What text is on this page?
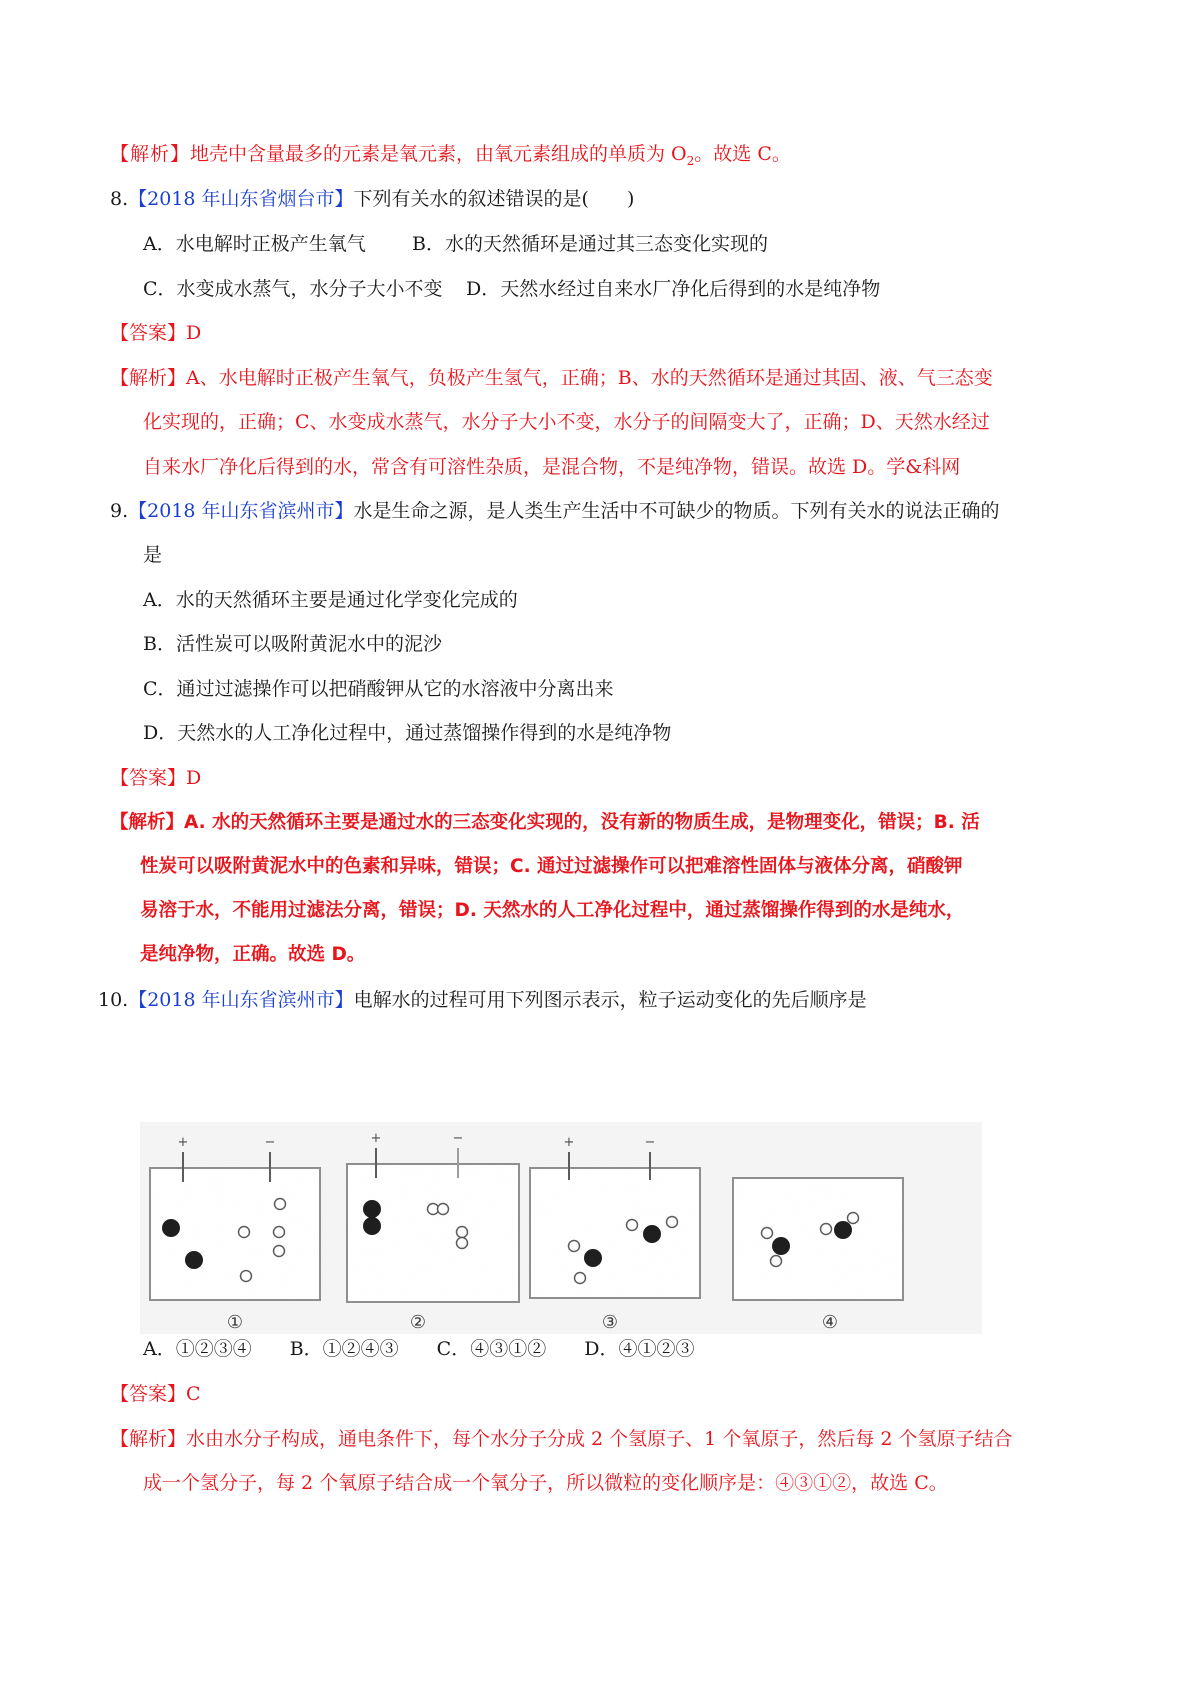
【解析】地壳中含量最多的元素是氧元素，由氧元素组成的单质为 $O_2$。故选 C。
8.【2018 年山东省烟台市】下列有关水的叙述错误的是(　　)
A．水电解时正极产生氧气 B．水的天然循环是通过其三态变化实现的
C．水变成水蒸气，水分子大小不变 D．天然水经过自来水厂净化后得到的水是纯净物
【答案】D
【解析】A、水电解时正极产生氧气，负极产生氢气，正确；B、水的天然循环是通过其固、液、气三态变
化实现的，正确；C、水变成水蒸气，水分子大小不变，水分子的间隔变大了，正确；D、天然水经过
自来水厂净化后得到的水，常含有可溶性杂质，是混合物，不是纯净物，错误。故选 D。学&科网
9.【2018 年山东省滨州市】水是生命之源，是人类生产生活中不可缺少的物质。下列有关水的说法正确的
是
A．水的天然循环主要是通过化学变化完成的
B．活性炭可以吸附黄泥水中的泥沙
C．通过过滤操作可以把硝酸钾从它的水溶液中分离出来
D．天然水的人工净化过程中，通过蒸馏操作得到的水是纯净物
【答案】D
【解析】A. 水的天然循环主要是通过水的三态变化实现的，没有新的物质生成，是物理变化，错误；B. 活
性炭可以吸附黄泥水中的色素和异味，错误；C. 通过过滤操作可以把难溶性固体与液体分离，硝酸钾
易溶于水，不能用过滤法分离，错误；D. 天然水的人工净化过程中，通过蒸馏操作得到的水是纯水，
是纯净物，正确。故选 D。
10.【2018 年山东省滨州市】电解水的过程可用下列图示表示，粒子运动变化的先后顺序是
+	−
①
+	−
②
+	−
③	④
A．①②③④　　B．①②④③　　C．④③①②　　D．④①②③
【答案】C
【解析】水由水分子构成，通电条件下，每个水分子分成 2 个氢原子、1 个氧原子，然后每 2 个氢原子结合
成一个氢分子，每 2 个氧原子结合成一个氧分子，所以微粒的变化顺序是：④③①②，故选 C。
